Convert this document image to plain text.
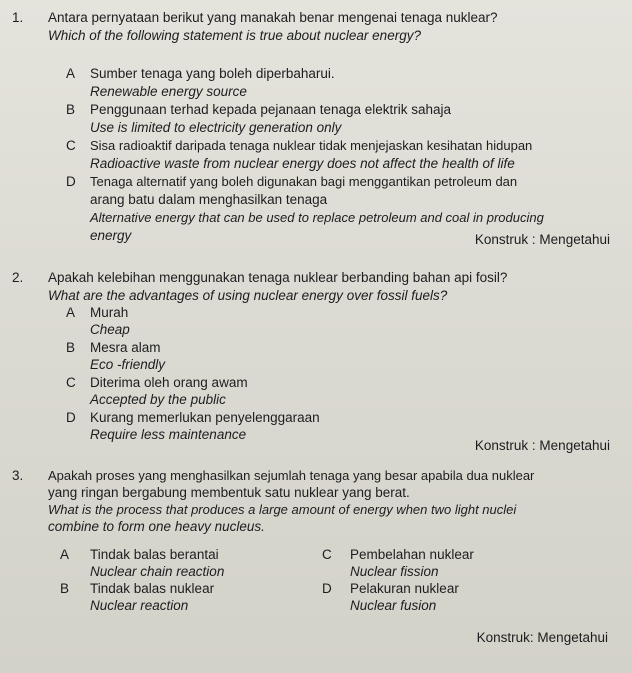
1. Antara pernyataan berikut yang manakah benar mengenai tenaga nuklear?
Which of the following statement is true about nuclear energy?
A Sumber tenaga yang boleh diperbaharui.
Renewable energy source
B Penggunaan terhad kepada pejanaan tenaga elektrik sahaja
Use is limited to electricity generation only
C Sisa radioaktif daripada tenaga nuklear tidak menjejaskan kesihatan hidupan
Radioactive waste from nuclear energy does not affect the health of life
D Tenaga alternatif yang boleh digunakan bagi menggantikan petroleum dan
arang batu dalam menghasilkan tenaga
Alternative energy that can be used to replace petroleum and coal in producing
energy	Konstruk : Mengetahui
2. Apakah kelebihan menggunakan tenaga nuklear berbanding bahan api fosil?
What are the advantages of using nuclear energy over fossil fuels?
A Murah
Cheap
B Mesra alam
Eco -friendly
C Diterima oleh orang awam
Accepted by the public
D Kurang memerlukan penyelenggaraan
Require less maintenance
Konstruk : Mengetahui
3. Apakah proses yang menghasilkan sejumlah tenaga yang besar apabila dua nuklear
yang ringan bergabung membentuk satu nuklear yang berat.
What is the process that produces a large amount of energy when two light nuclei
combine to form one heavy nucleus.
A Tindak balas berantai
Nuclear chain reaction
B Tindak balas nuklear
Nuclear reaction
C Pembelahan nuklear
Nuclear fission
D Pelakuran nuklear
Nuclear fusion
Konstruk: Mengetahui
